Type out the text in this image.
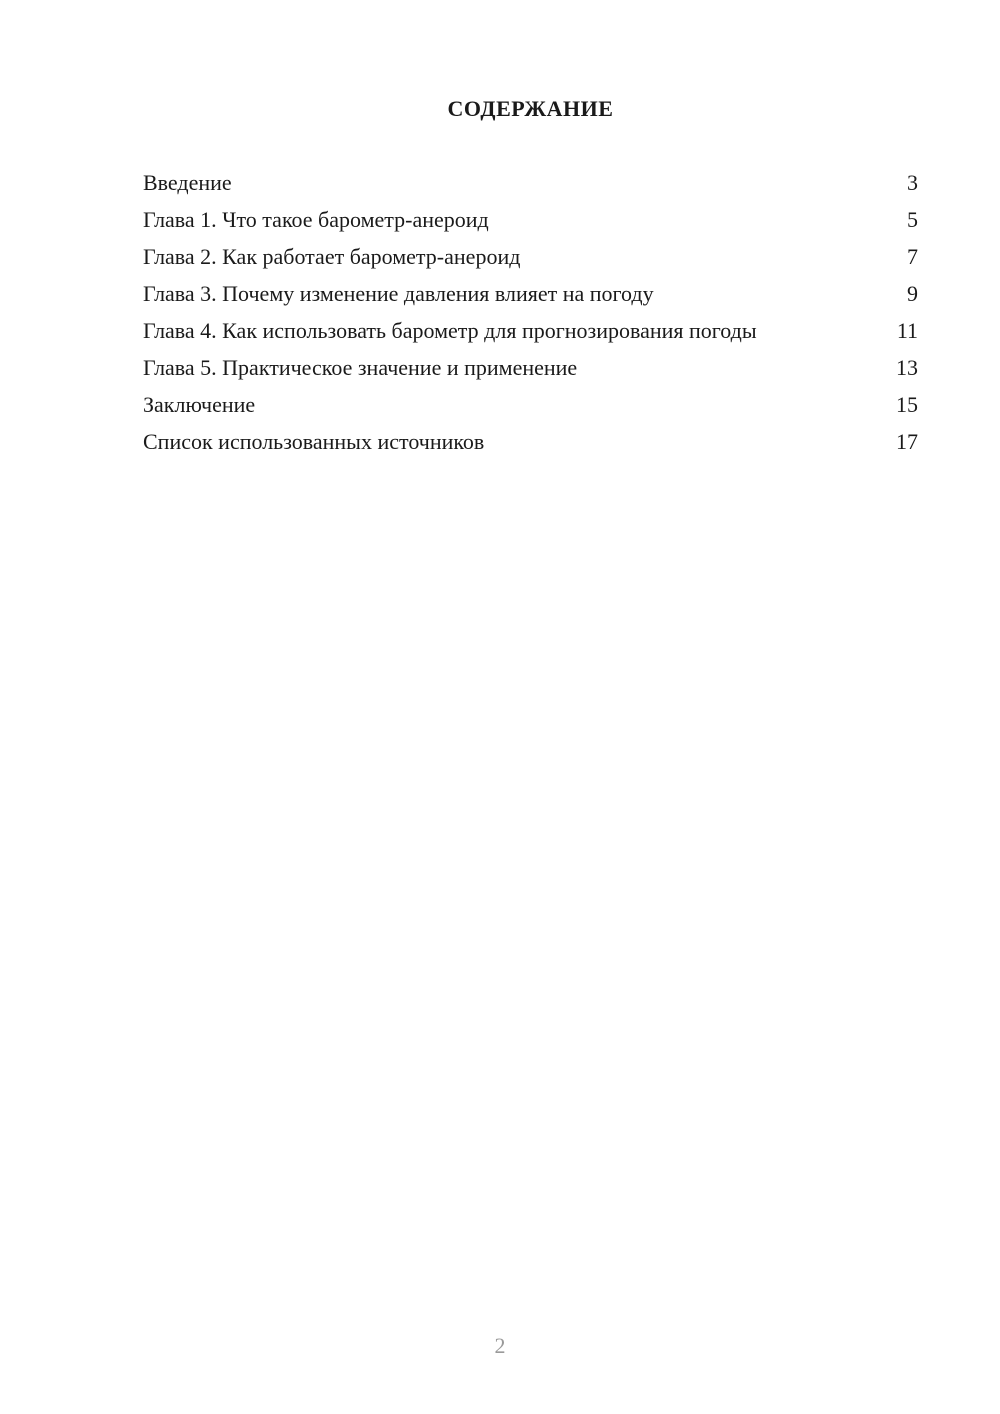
СОДЕРЖАНИЕ
Введение	3
Глава 1. Что такое барометр-анероид	5
Глава 2. Как работает барометр-анероид	7
Глава 3. Почему изменение давления влияет на погоду	9
Глава 4. Как использовать барометр для прогнозирования погоды	11
Глава 5. Практическое значение и применение	13
Заключение	15
Список использованных источников	17
2
